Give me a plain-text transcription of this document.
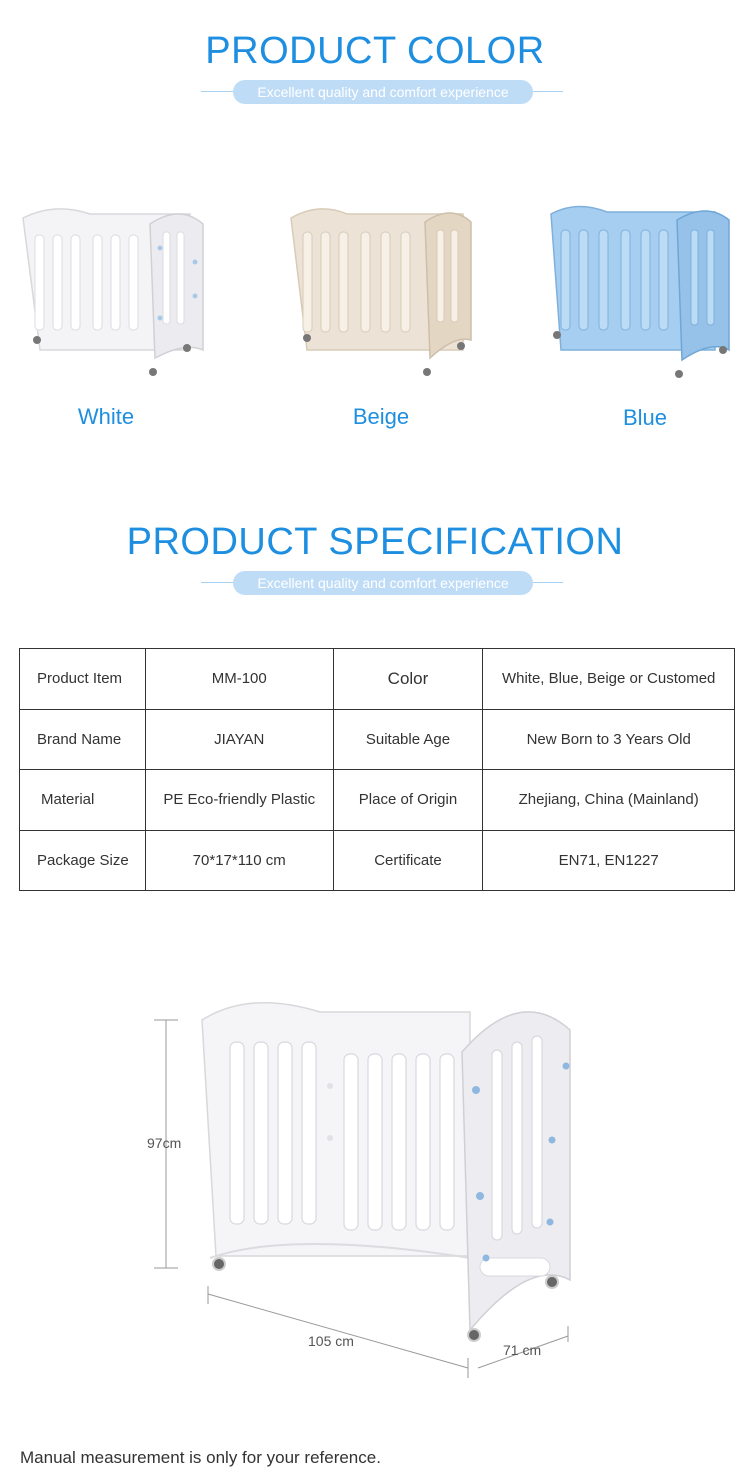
PRODUCT COLOR
Excellent quality and comfort experience
White	Beige	Blue
PRODUCT SPECIFICATION
Excellent quality and comfort experience
Product Item	MM-100	Color	White, Blue, Beige or Customed
Brand Name	JIAYAN	Suitable Age	New Born to 3 Years Old
Material	PE Eco-friendly Plastic	Place of Origin	Zhejiang, China (Mainland)
Package Size	70*17*110 cm	Certificate	EN71, EN1227
97cm
105 cm
71 cm
Manual measurement is only for your reference.
